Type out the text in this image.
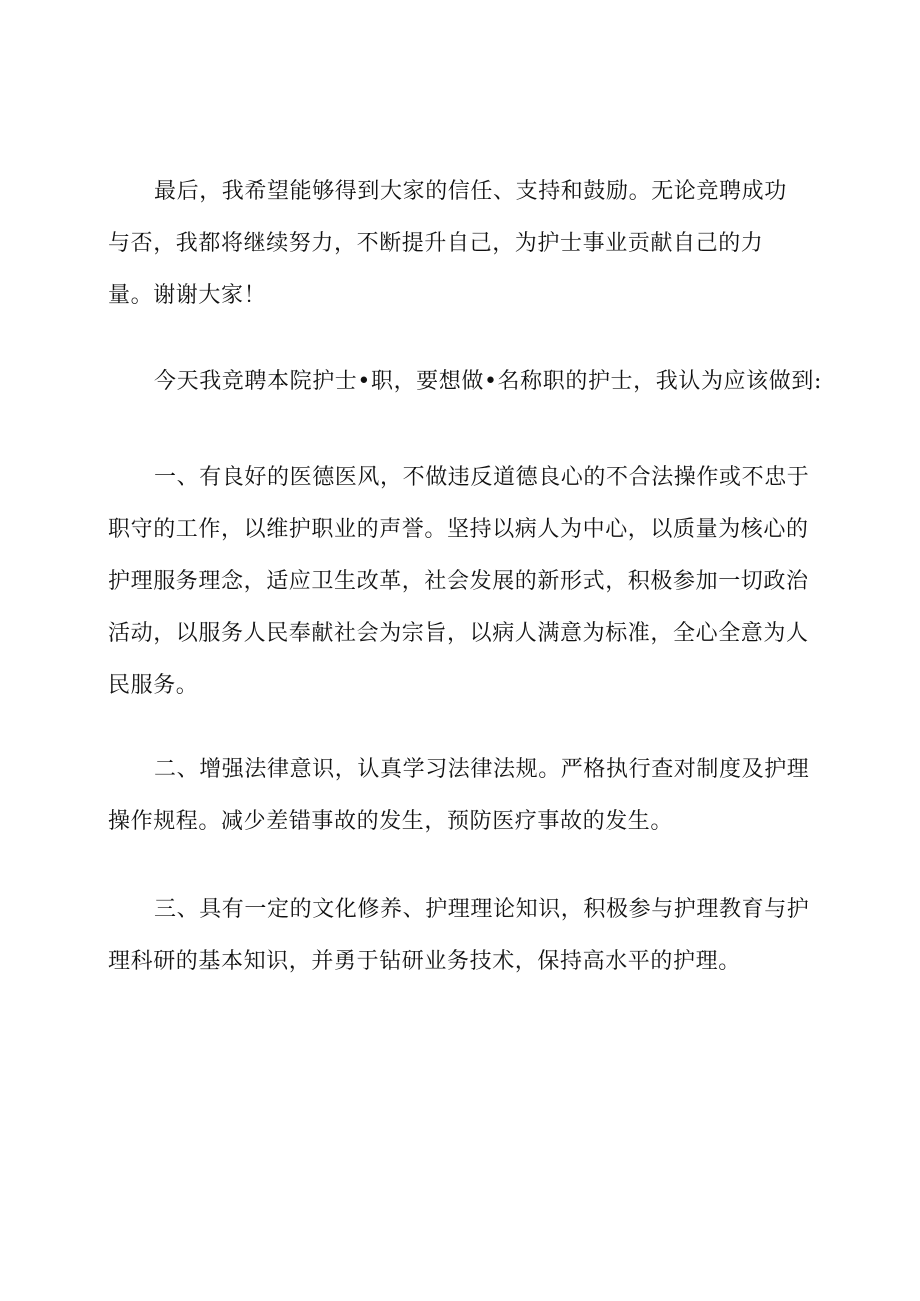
最后，我希望能够得到大家的信任、支持和鼓励。无论竞聘成功
与否，我都将继续努力，不断提升自己，为护士事业贡献自己的力
量。谢谢大家！

今天我竞聘本院护士•职，要想做•名称职的护士，我认为应该做到:

一、有良好的医德医风，不做违反道德良心的不合法操作或不忠于
职守的工作，以维护职业的声誉。坚持以病人为中心，以质量为核心的
护理服务理念，适应卫生改革，社会发展的新形式，积极参加一切政治
活动，以服务人民奉献社会为宗旨，以病人满意为标准，全心全意为人
民服务。

二、增强法律意识，认真学习法律法规。严格执行查对制度及护理
操作规程。减少差错事故的发生，预防医疗事故的发生。

三、具有一定的文化修养、护理理论知识，积极参与护理教育与护
理科研的基本知识，并勇于钻研业务技术，保持高水平的护理。
